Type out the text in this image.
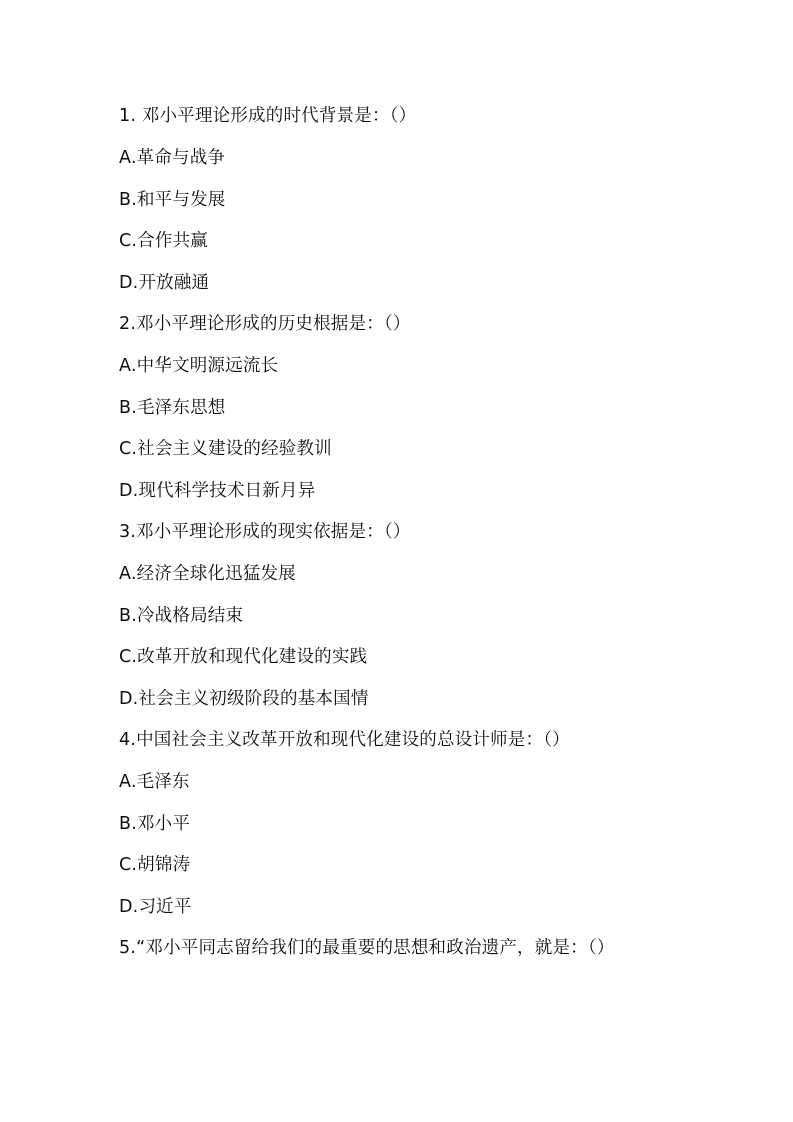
1. 邓小平理论形成的时代背景是：（）
A.革命与战争
B.和平与发展
C.合作共赢
D.开放融通
2.邓小平理论形成的历史根据是：（）
A.中华文明源远流长
B.毛泽东思想
C.社会主义建设的经验教训
D.现代科学技术日新月异
3.邓小平理论形成的现实依据是：（）
A.经济全球化迅猛发展
B.冷战格局结束
C.改革开放和现代化建设的实践
D.社会主义初级阶段的基本国情
4.中国社会主义改革开放和现代化建设的总设计师是：（）
A.毛泽东
B.邓小平
C.胡锦涛
D.习近平
5.“邓小平同志留给我们的最重要的思想和政治遗产，就是：（）
